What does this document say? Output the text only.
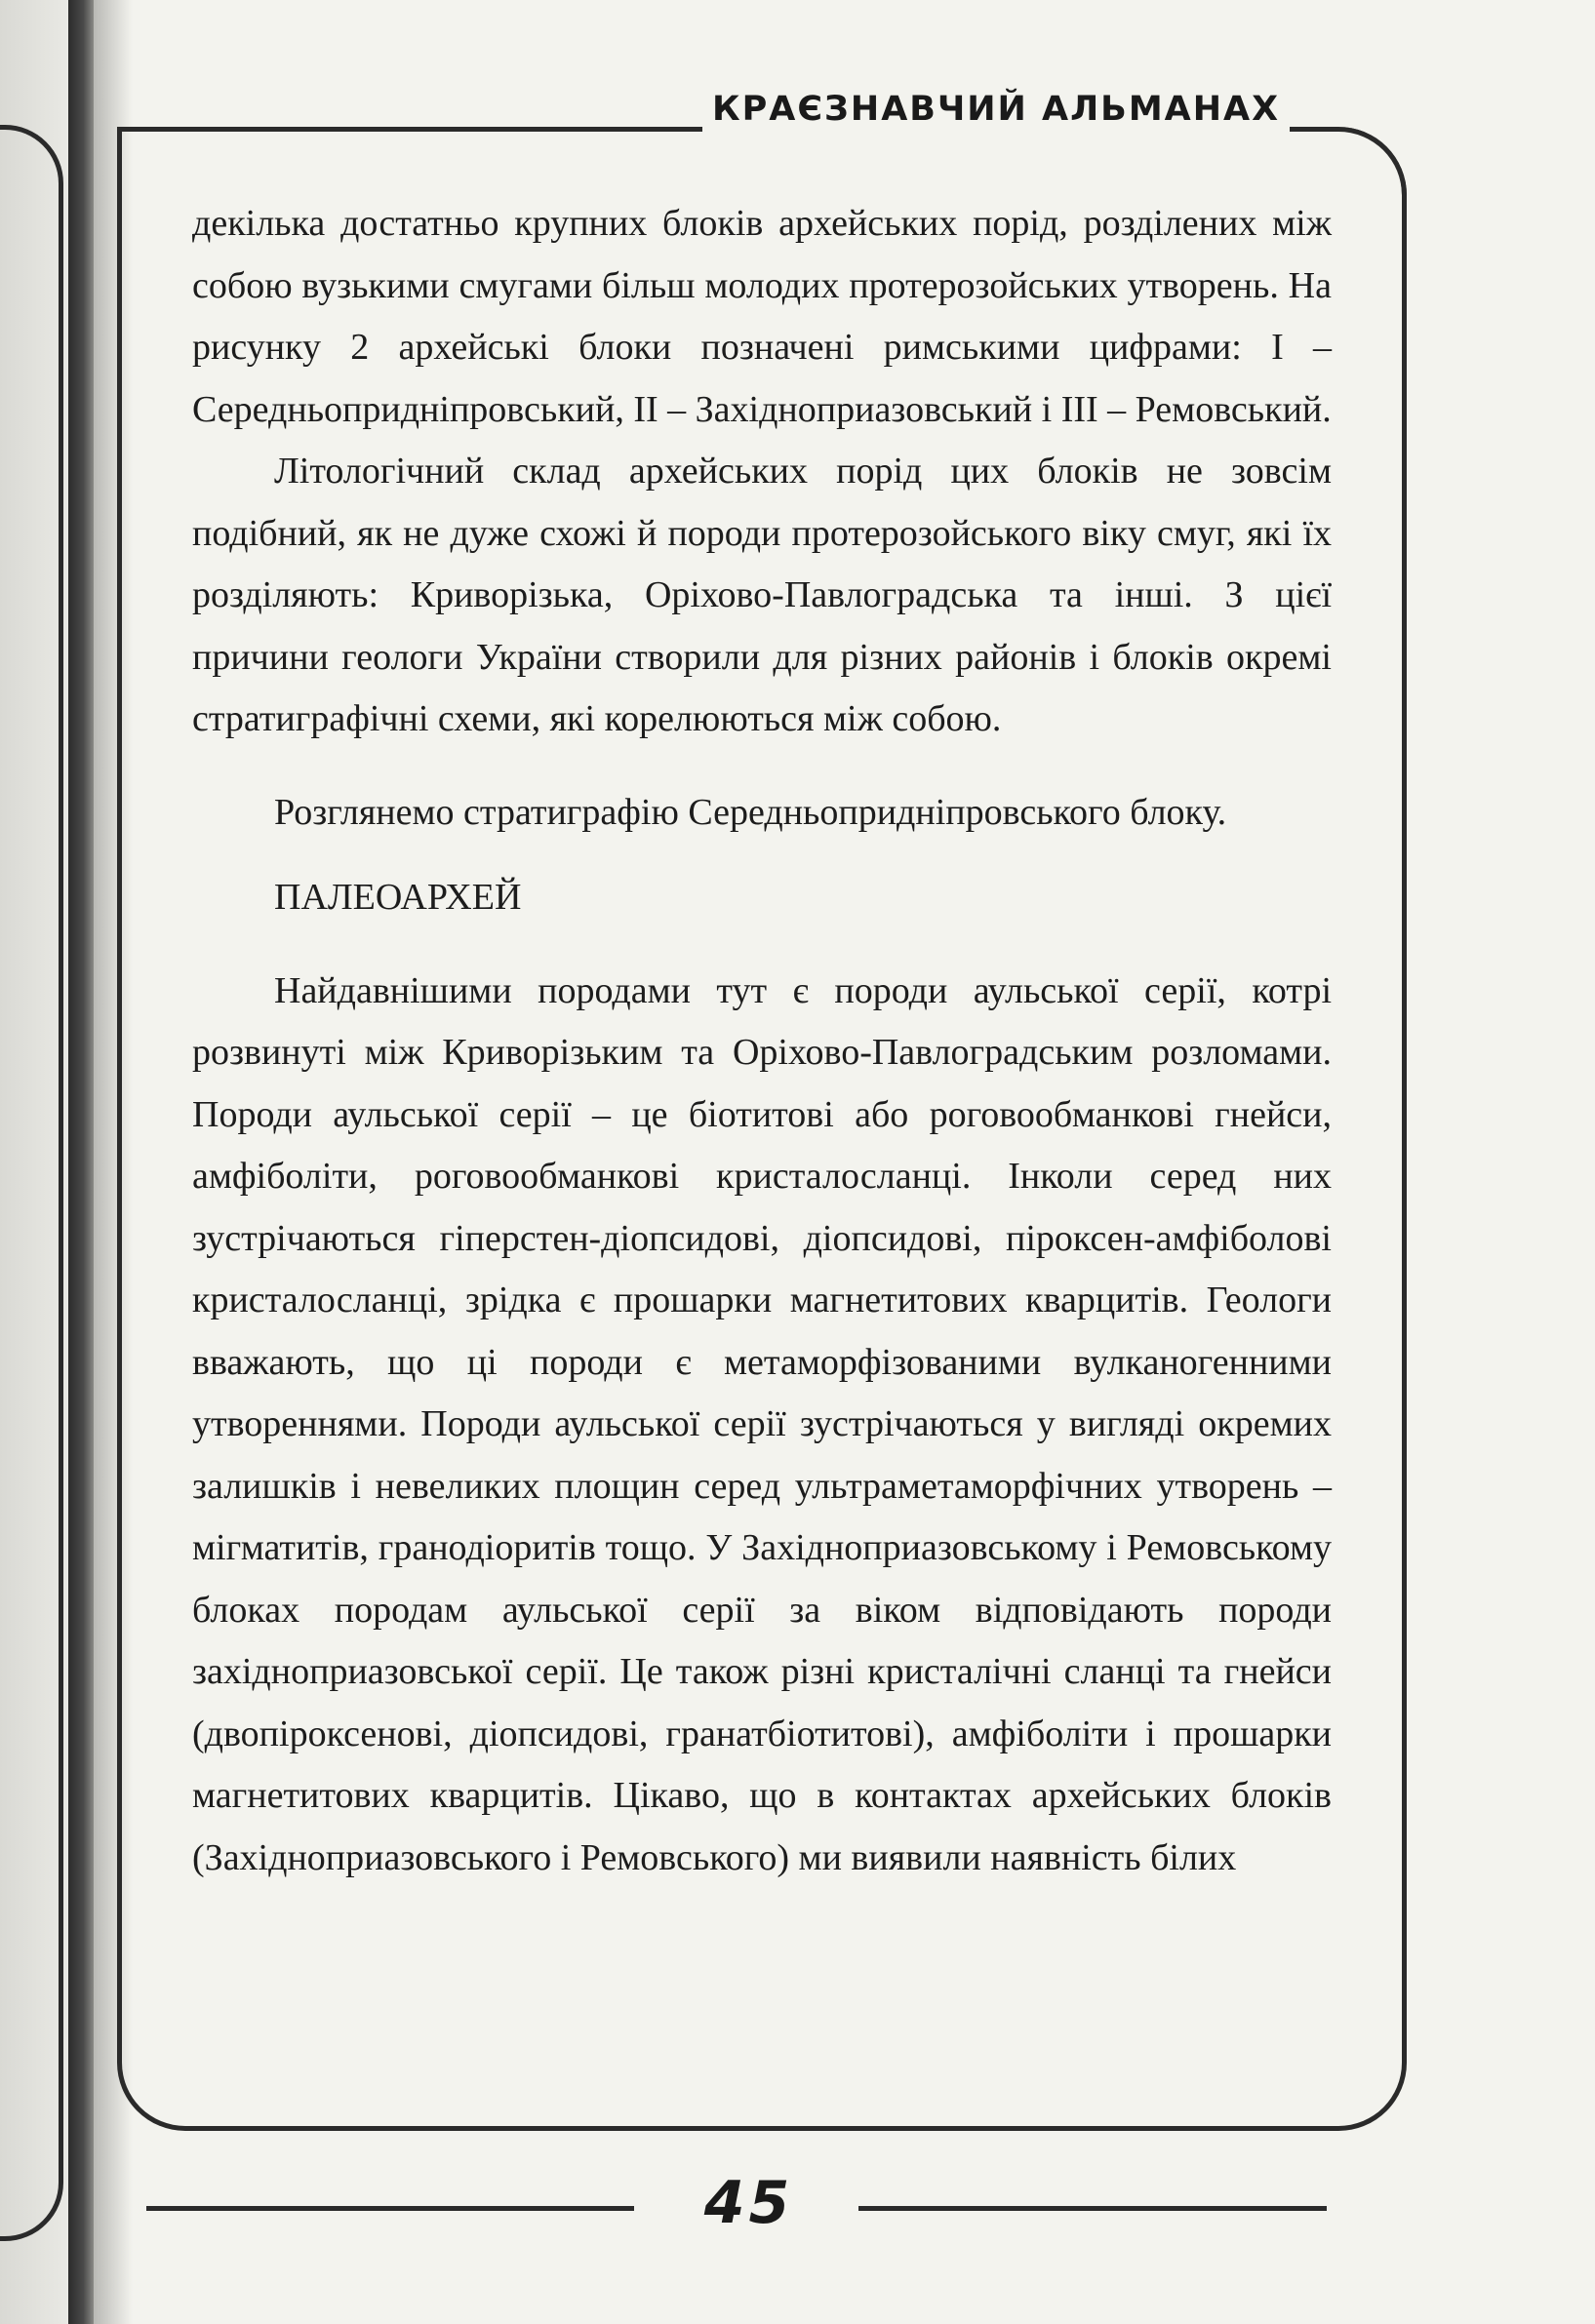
КРАЄЗНАВЧИЙ АЛЬМАНАХ

декілька достатньо крупних блоків архейських порід, розділених між собою вузькими смугами більш молодих протерозойських утворень. На рисунку 2 архейські блоки позначені римськими цифрами: I – Середньопридніпровський, II – Західноприазовський і III – Ремовський.

Літологічний склад архейських порід цих блоків не зовсім подібний, як не дуже схожі й породи протерозойського віку смуг, які їх розділяють: Криворізька, Оріхово-Павлоградська та інші. З цієї причини геологи України створили для різних районів і блоків окремі стратиграфічні схеми, які корелюються між собою.

Розглянемо стратиграфію Середньопридніпровського блоку.

ПАЛЕОАРХЕЙ

Найдавнішими породами тут є породи аульської серії, котрі розвинуті між Криворізьким та Оріхово-Павлоградським розломами. Породи аульської серії – це біотитові або роговообманкові гнейси, амфіболіти, роговообманкові кристалосланці. Інколи серед них зустрічаються гіперстен-діопсидові, діопсидові, піроксен-амфіболові кристалосланці, зрідка є прошарки магнетитових кварцитів. Геологи вважають, що ці породи є метаморфізованими вулканогенними утвореннями. Породи аульської серії зустрічаються у вигляді окремих залишків і невеликих площин серед ультраметаморфічних утворень – мігматитів, гранодіоритів тощо. У Західноприазовському і Ремовському блоках породам аульської серії за віком відповідають породи західноприазовської серії. Це також різні кристалічні сланці та гнейси (двопіроксенові, діопсидові, гранатбіотитові), амфіболіти і прошарки магнетитових кварцитів. Цікаво, що в контактах архейських блоків (Західноприазовського і Ремовського) ми виявили наявність білих

45
